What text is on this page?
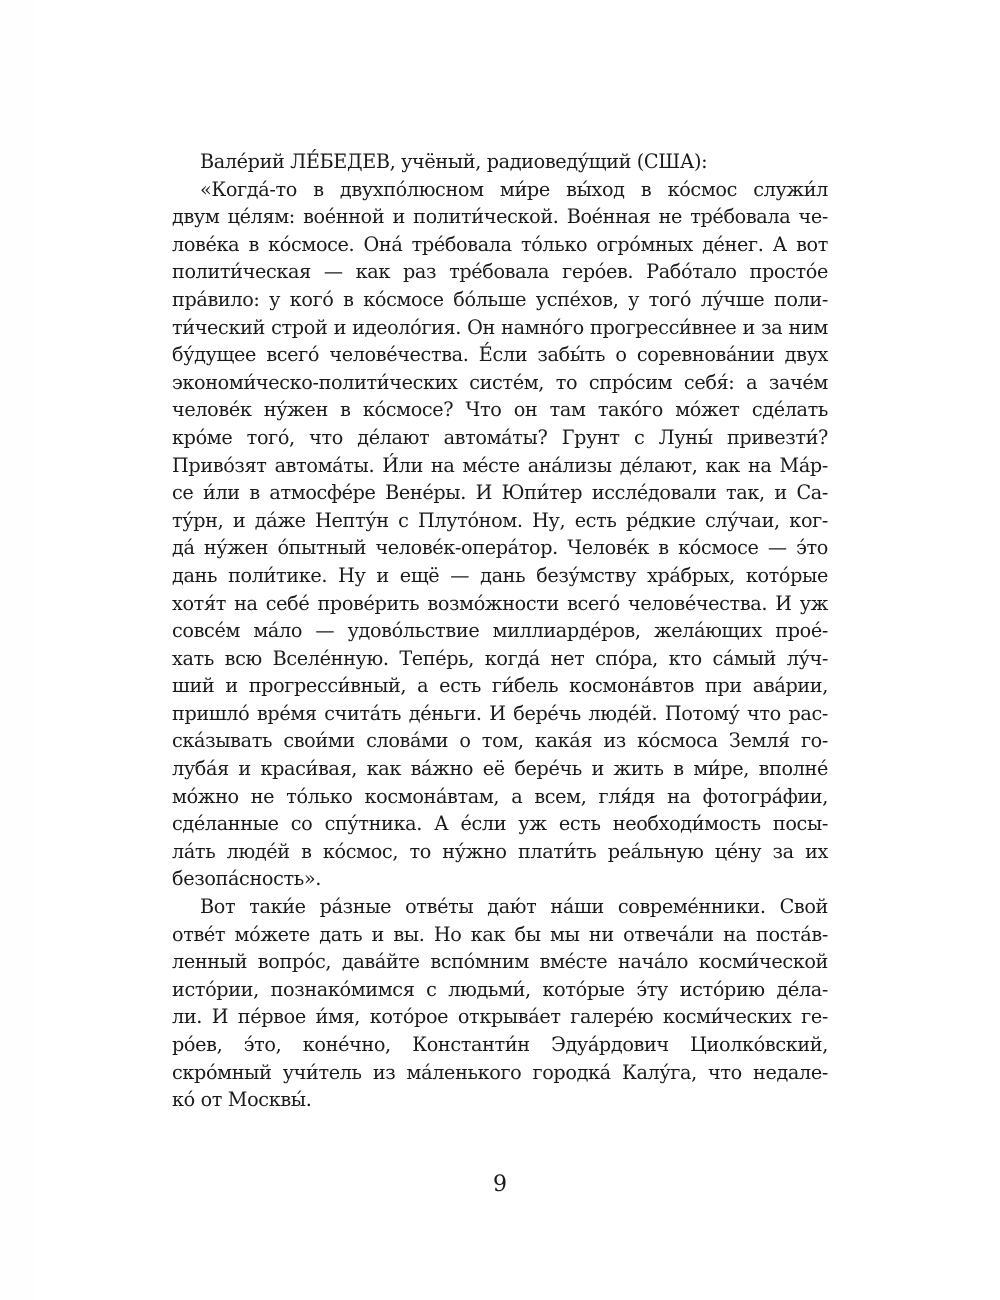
Вале́рий ЛЕ́БЕДЕВ, учёный, радиоведу́щий (США):
«Когда́-то в двухпо́люсном ми́ре вы́ход в ко́смос служи́л
двум це́лям: вое́нной и полити́ческой. Вое́нная не тре́бовала че-
лове́ка в ко́смосе. Она́ тре́бовала то́лько огро́мных де́нег. А вот
полити́ческая — как раз тре́бовала геро́ев. Рабо́тало просто́е
пра́вило: у кого́ в ко́смосе бо́льше успе́хов, у того́ лу́чше поли-
ти́ческий строй и идеоло́гия. Он намно́го прогресси́внее и за ним
бу́дущее всего́ челове́чества. Е́сли забы́ть о соревнова́нии двух
экономи́ческо-полити́ческих систе́м, то спро́сим себя́: а заче́м
челове́к ну́жен в ко́смосе? Что он там тако́го мо́жет сде́лать
кро́ме того́, что де́лают автома́ты? Грунт с Луны́ привезти́?
Приво́зят автома́ты. И́ли на ме́сте ана́лизы де́лают, как на Ма́р-
се и́ли в атмосфе́ре Вене́ры. И Юпи́тер иссле́довали так, и Са-
ту́рн, и да́же Непту́н с Плуто́ном. Ну, есть ре́дкие слу́чаи, ког-
да́ ну́жен о́пытный челове́к-опера́тор. Челове́к в ко́смосе — э́то
дань поли́тике. Ну и ещё — дань безу́мству хра́брых, кото́рые
хотя́т на себе́ прове́рить возмо́жности всего́ челове́чества. И уж
совсе́м ма́ло — удово́льствие миллиарде́ров, жела́ющих прое́-
хать всю Вселе́нную. Тепе́рь, когда́ нет спо́ра, кто са́мый лу́ч-
ший и прогресси́вный, а есть ги́бель космона́втов при ава́рии,
пришло́ вре́мя счита́ть де́ньги. И бере́чь люде́й. Потому́ что рас-
ска́зывать свои́ми слова́ми о том, кака́я из ко́смоса Земля́ го-
луба́я и краси́вая, как ва́жно её бере́чь и жить в ми́ре, вполне́
мо́жно не то́лько космона́втам, а всем, гля́дя на фотогра́фии,
сде́ланные со спу́тника. А е́сли уж есть необходи́мость посы-
ла́ть люде́й в ко́смос, то ну́жно плати́ть реа́льную це́ну за их
безопа́сность».
Вот таки́е ра́зные отве́ты даю́т на́ши совреме́нники. Свой
отве́т мо́жете дать и вы. Но как бы мы ни отвеча́ли на поста́в-
ленный вопро́с, дава́йте вспо́мним вме́сте нача́ло косми́ческой
исто́рии, познако́мимся с людьми́, кото́рые э́ту исто́рию де́ла-
ли. И пе́рвое и́мя, кото́рое открыва́ет галере́ю косми́ческих ге-
ро́ев, э́то, коне́чно, Константи́н Эдуа́рдович Циолко́вский,
скро́мный учи́тель из ма́ленького городка́ Калу́га, что недале-
ко́ от Москвы́.
9
